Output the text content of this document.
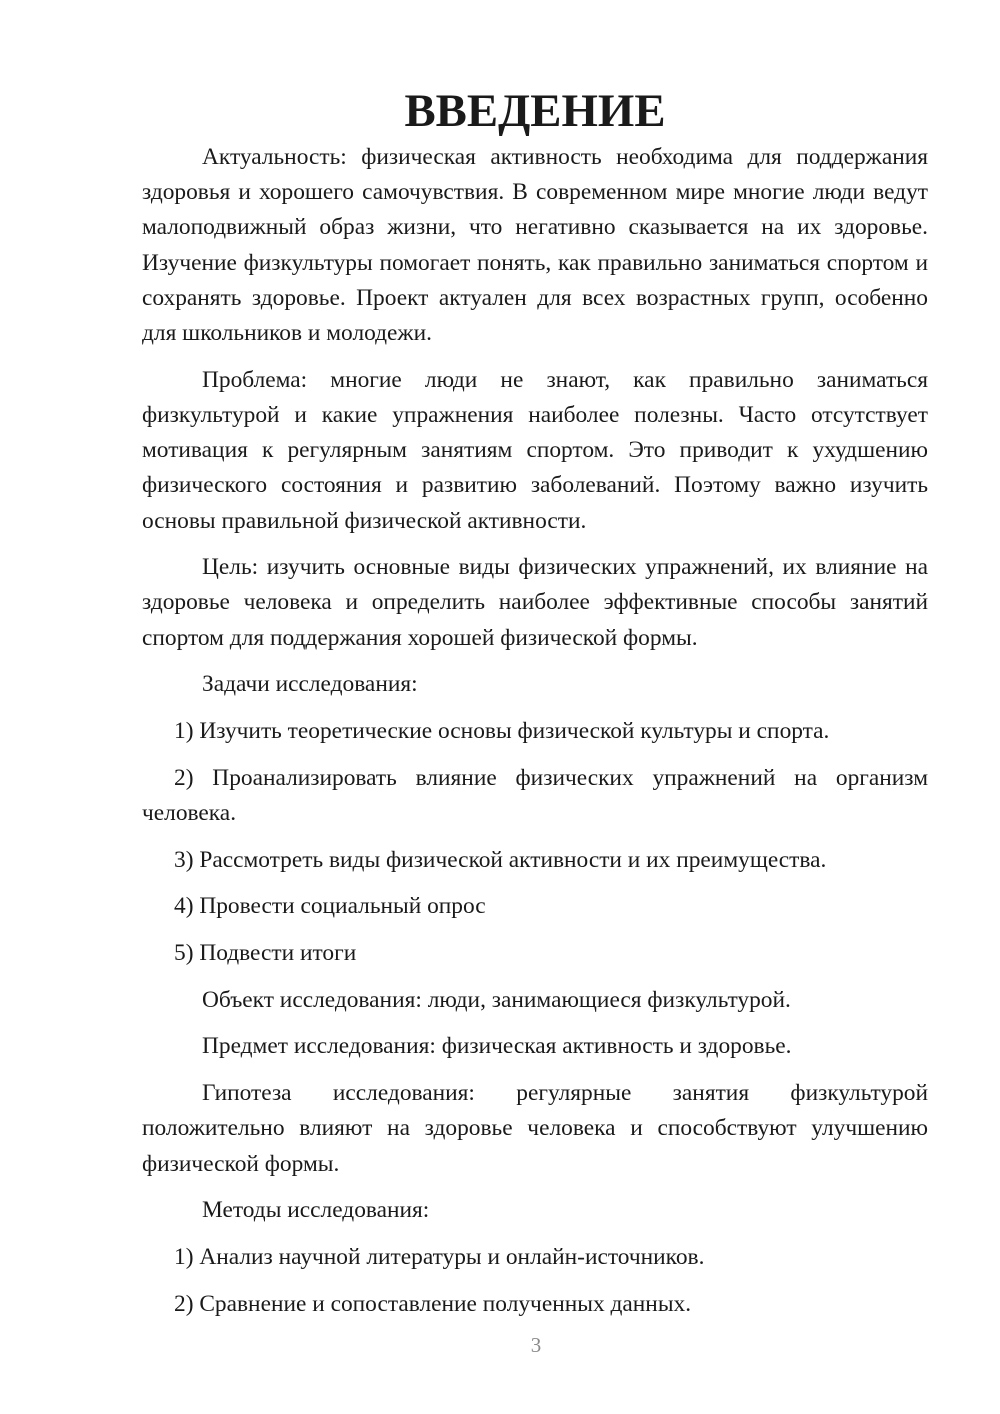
ВВЕДЕНИЕ

Актуальность: физическая активность необходима для поддержания здоровья и хорошего самочувствия. В современном мире многие люди ведут малоподвижный образ жизни, что негативно сказывается на их здоровье. Изучение физкультуры помогает понять, как правильно заниматься спортом и сохранять здоровье. Проект актуален для всех возрастных групп, особенно для школьников и молодежи.

Проблема: многие люди не знают, как правильно заниматься физкультурой и какие упражнения наиболее полезны. Часто отсутствует мотивация к регулярным занятиям спортом. Это приводит к ухудшению физического состояния и развитию заболеваний. Поэтому важно изучить основы правильной физической активности.

Цель: изучить основные виды физических упражнений, их влияние на здоровье человека и определить наиболее эффективные способы занятий спортом для поддержания хорошей физической формы.

Задачи исследования:

1) Изучить теоретические основы физической культуры и спорта.

2) Проанализировать влияние физических упражнений на организм человека.

3) Рассмотреть виды физической активности и их преимущества.

4) Провести социальный опрос

5) Подвести итоги

Объект исследования: люди, занимающиеся физкультурой.

Предмет исследования: физическая активность и здоровье.

Гипотеза исследования: регулярные занятия физкультурой положительно влияют на здоровье человека и способствуют улучшению физической формы.

Методы исследования:

1) Анализ научной литературы и онлайн-источников.

2) Сравнение и сопоставление полученных данных.

3
